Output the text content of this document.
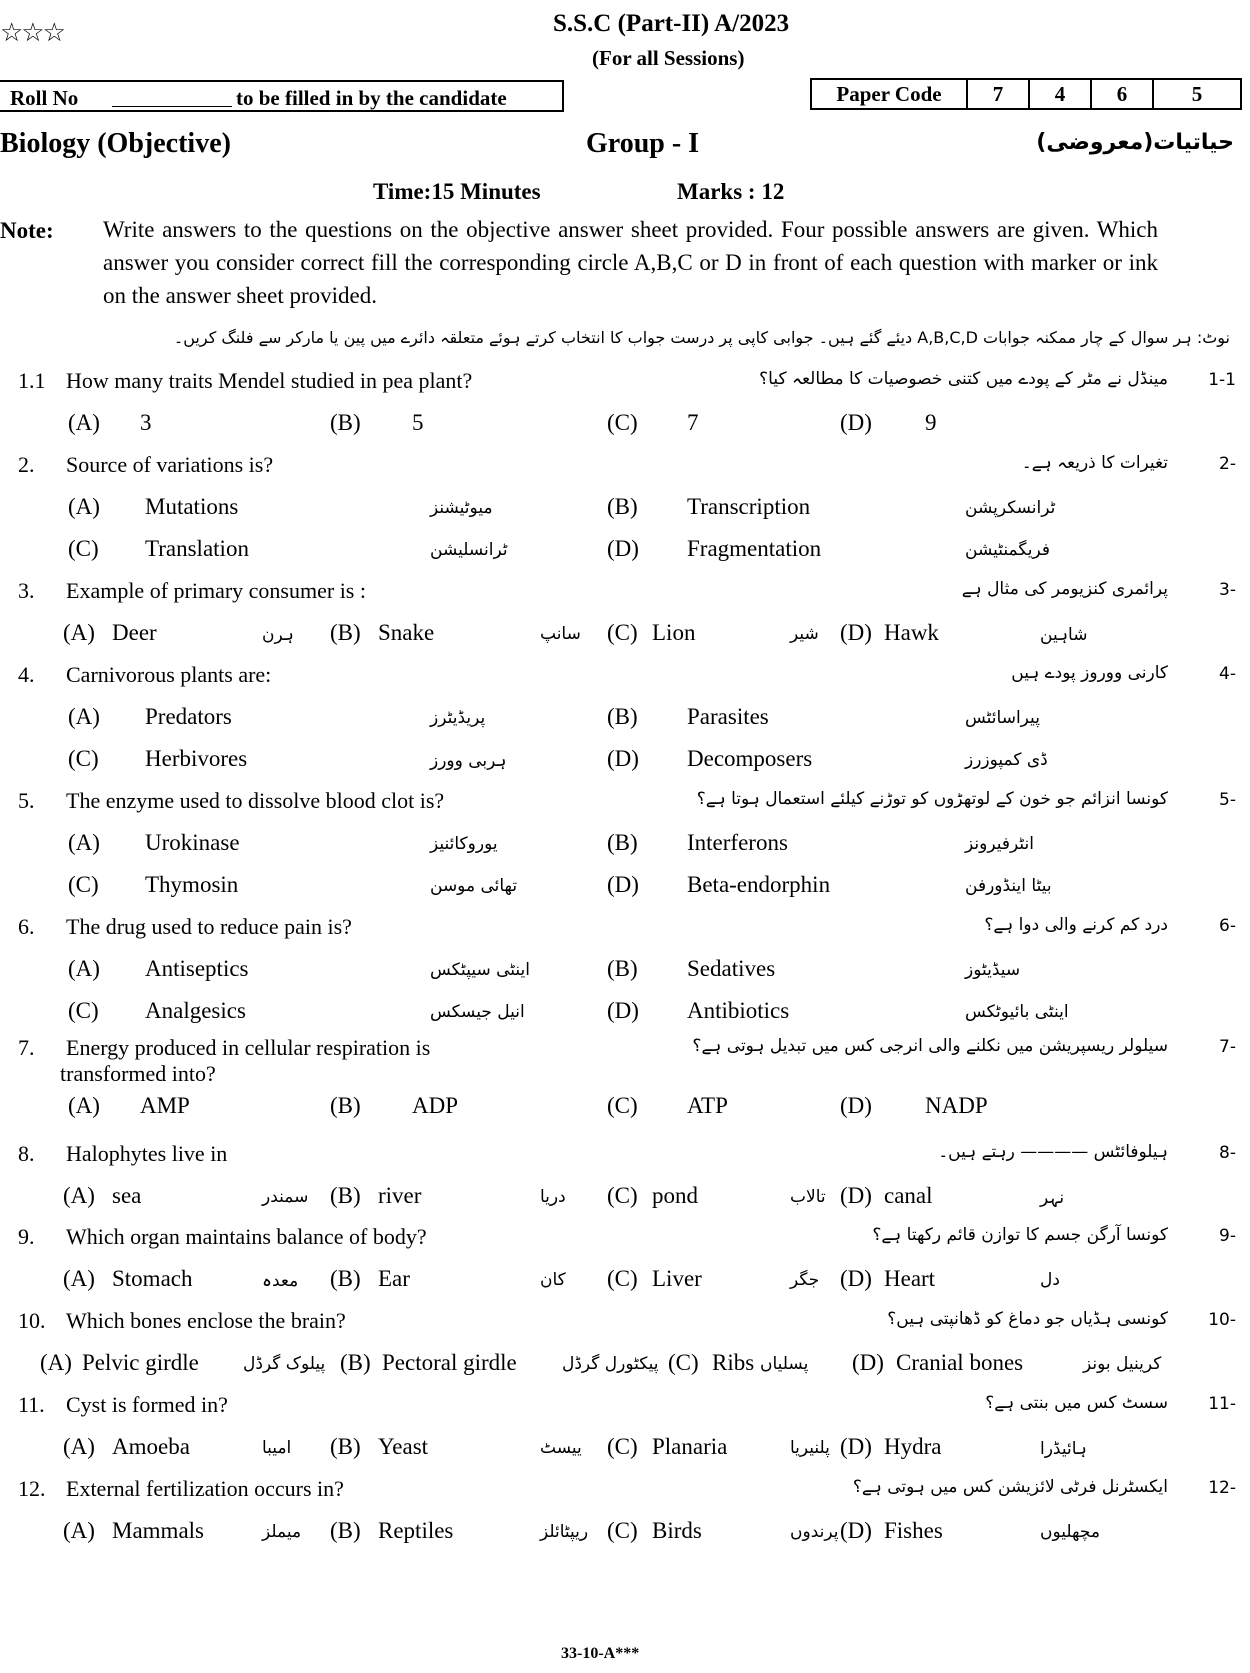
☆☆☆	S.S.C (Part-II) A/2023
(For all Sessions)
Roll No	to be filled in by the candidate	Paper Code	7	4	6	5
Biology (Objective)	Group - I	حیاتیات(معروضی)
Time:15 Minutes	Marks : 12
Note: Write answers to the questions on the objective answer sheet provided. Four possible answers are given. Which answer you consider correct fill the corresponding circle A,B,C or D in front of each question with marker or ink on the answer sheet provided.
نوٹ: ہر سوال کے چار ممکنہ جوابات A,B,C,D دیئے گئے ہیں۔ جوابی کاپی پر درست جواب کا انتخاب کرتے ہوئے متعلقہ دائرے میں پین یا مارکر سے فلنگ کریں۔
1.1 How many traits Mendel studied in pea plant?	1-1
مینڈل نے مٹر کے پودے میں کتنی خصوصیات کا مطالعہ کیا؟
(A) 3	(B) 5	(C) 7	(D) 9
2. Source of variations is?	-2
تغیرات کا ذریعہ ہے۔
(A) Mutations	میوٹیشنز	(B) Transcription	ٹرانسکرپشن
(C) Translation	ٹرانسلیشن	(D) Fragmentation	فریگمنٹیشن
3. Example of primary consumer is :	-3
پرائمری کنزیومر کی مثال ہے
(A) Deer	ہرن (B) Snake	سانپ (C) Lion	شیر (D) Hawk	شاہین
4. Carnivorous plants are:	-4
کارنی ووروز پودے ہیں
(A) Predators	پریڈیٹرز	(B) Parasites	پیراسائٹس
(C) Herbivores	ہربی وورز	(D) Decomposers	ڈی کمپوزرز
5. The enzyme used to dissolve blood clot is?	-5
کونسا انزائم جو خون کے لوتھڑوں کو توڑنے کیلئے استعمال ہوتا ہے؟
(A) Urokinase	یوروکائنیز	(B) Interferons	انٹرفیرونز
(C) Thymosin	تھائی موسن	(D) Beta-endorphin	بیٹا اینڈورفن
6. The drug used to reduce pain is?	-6
درد کم کرنے والی دوا ہے؟
(A) Antiseptics	اینٹی سیپٹکس	(B) Sedatives	سیڈیٹوز
(C) Analgesics	انیل جیسکس	(D) Antibiotics	اینٹی بائیوٹکس
7. Energy produced in cellular respiration is
transformed into?
-7
سیلولر ریسپریشن میں نکلنے والی انرجی کس میں تبدیل ہوتی ہے؟
(A) AMP	(B) ADP	(C) ATP	(D) NADP
8. Halophytes live in	-8
ہیلوفائٹس ———— رہتے ہیں۔
(A) sea	سمندر (B) river	دریا (C) pond	تالاب (D) canal	نہر
9. Which organ maintains balance of body?	-9
کونسا آرگن جسم کا توازن قائم رکھتا ہے؟
(A) Stomach	معدہ (B) Ear	کان (C) Liver	جگر (D) Heart	دل
10. Which bones enclose the brain?	-10
کونسی ہڈیاں جو دماغ کو ڈھانپتی ہیں؟
(A) Pelvic girdle	پیلوک گرڈل (B) Pectoral girdle	پیکٹورل گرڈل (C) Ribs پسلیاں (D) Cranial bones	کرینیل بونز
11. Cyst is formed in?	-11
سسٹ کس میں بنتی ہے؟
(A) Amoeba	امیبا (B) Yeast	ییسٹ (C) Planaria	پلنیریا (D) Hydra	ہائیڈرا
12. External fertilization occurs in?	-12
ایکسٹرنل فرٹی لائزیشن کس میں ہوتی ہے؟
(A) Mammals	میملز (B) Reptiles	ریپٹائلز (C) Birds	پرندوں (D) Fishes	مچھلیوں
33-10-A***
